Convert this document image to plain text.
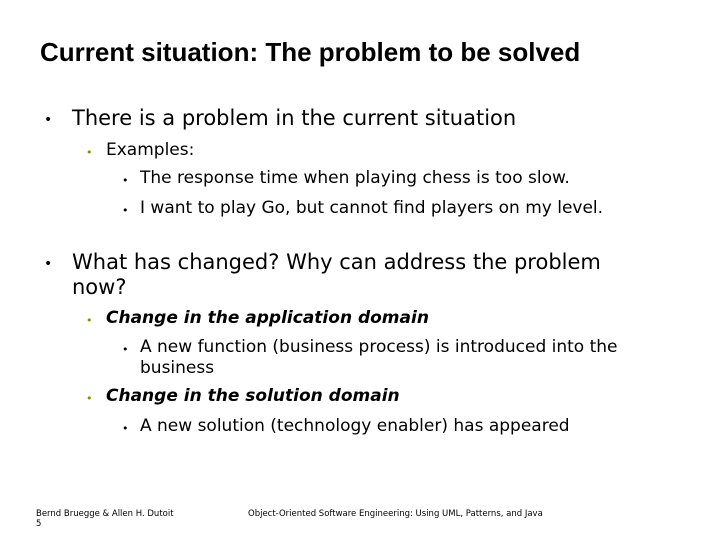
Current situation: The problem to be solved
• There is a problem in the current situation
• Examples:
• The response time when playing chess is too slow.
• I want to play Go, but cannot find players on my level.
• What has changed? Why can address the problem now?
• Change in the application domain
• A new function (business process) is introduced into the business
• Change in the solution domain
• A new solution (technology enabler) has appeared
Bernd Bruegge & Allen H. Dutoit
5
Object-Oriented Software Engineering: Using UML, Patterns, and Java
